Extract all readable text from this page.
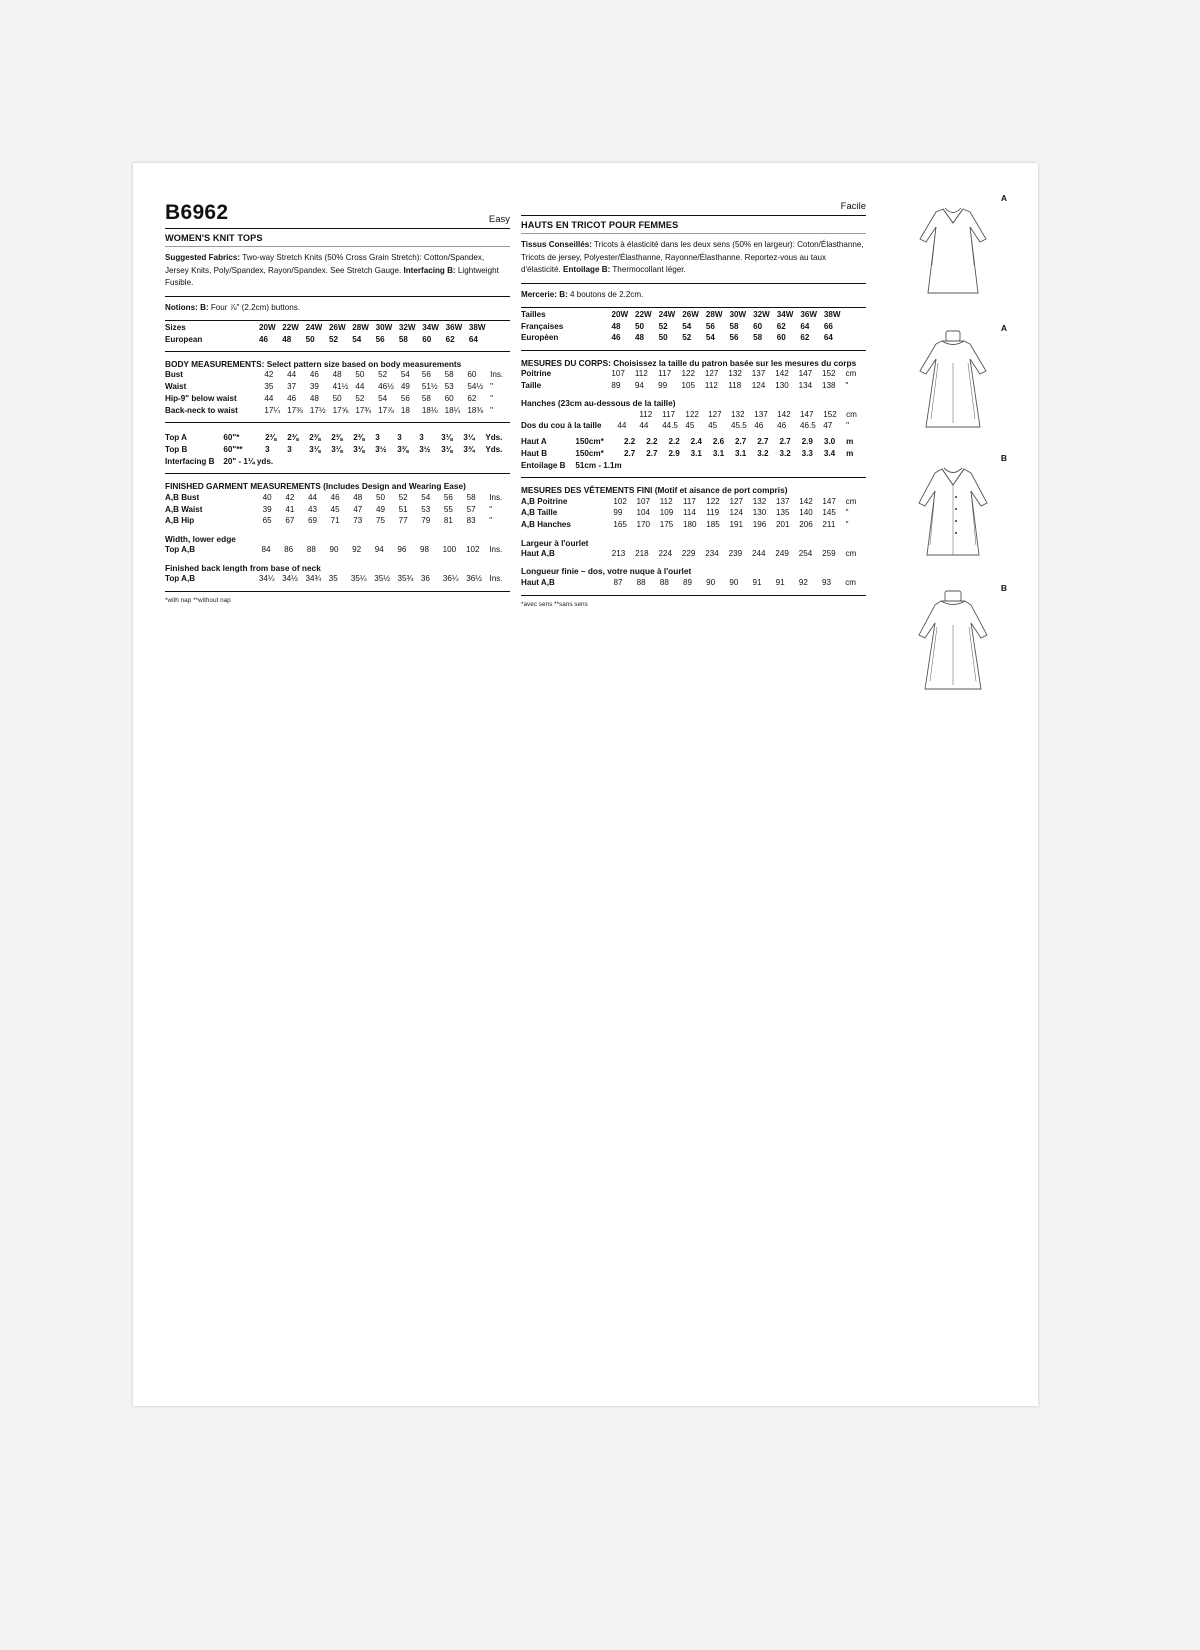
B6962	Easy
WOMEN'S KNIT TOPS
Suggested Fabrics: Two-way Stretch Knits (50% Cross Grain Stretch): Cotton/Spandex, Jersey Knits, Poly/Spandex, Rayon/Spandex. See Stretch Gauge. Interfacing B: Lightweight Fusible.
Notions: B: Four ⅞" (2.2cm) buttons.
Sizes	20W	22W	24W	26W	28W	30W	32W	34W	36W	38W	
European	46	48	50	52	54	56	58	60	62	64	
BODY MEASUREMENTS: Select pattern size based on body measurements
Bust	42	44	46	48	50	52	54	56	58	60	Ins.
Waist	35	37	39	41½	44	46½	49	51½	53	54½	"
Hip-9" below waist	44	46	48	50	52	54	56	58	60	62	"
Back-neck to waist	17¼	17⅜	17½	17⅝	17¾	17⅞	18	18⅛	18¼	18⅜	"
Top A	60"*	2⅜	2⅜	2⅜	2⅜	2⅜	3	3	3	3⅛	3¼	Yds.
Top B	60"**	3	3	3⅛	3⅛	3⅛	3½	3⅜	3½	3⅛	3¾	Yds.
Interfacing B	20" - 1¼ yds.											
FINISHED GARMENT MEASUREMENTS (Includes Design and Wearing Ease)
A,B Bust	40	42	44	46	48	50	52	54	56	58	Ins.
A,B Waist	39	41	43	45	47	49	51	53	55	57	"
A,B Hip	65	67	69	71	73	75	77	79	81	83	"
Width, lower edge
Top A,B	84	86	88	90	92	94	96	98	100	102	Ins.
Finished back length from base of neck
Top A,B	34¼	34½	34¾	35	35¼	35½	35¾	36	36¼	36½	Ins.
*with nap **without nap

Facile
HAUTS EN TRICOT POUR FEMMES
Tissus Conseillés: Tricots à élasticité dans les deux sens (50% en largeur): Coton/Élasthanne, Tricots de jersey, Polyester/Élasthanne, Rayonne/Élasthanne. Reportez-vous au taux d'élasticité. Entoilage B: Thermocollant léger.
Mercerie: B: 4 boutons de 2.2cm.
Tailles	20W	22W	24W	26W	28W	30W	32W	34W	36W	38W	
Françaises	48	50	52	54	56	58	60	62	64	66	
Europèen	46	48	50	52	54	56	58	60	62	64	
MESURES DU CORPS: Choisissez la taille du patron basée sur les mesures du corps
Poitrine	107	112	117	122	127	132	137	142	147	152	cm
Taille	89	94	99	105	112	118	124	130	134	138	"
Hanches (23cm au-dessous de la taille)
		112	117	122	127	132	137	142	147	152	cm
Dos du cou à la taille	44	44	44.5	45	45	45.5	46	46	46.5	47	"
Haut A	150cm*	2.2	2.2	2.2	2.4	2.6	2.7	2.7	2.7	2.9	3.0	m
Haut B	150cm*	2.7	2.7	2.9	3.1	3.1	3.1	3.2	3.2	3.3	3.4	m
Entoilage B	51cm - 1.1m											
MESURES DES VÊTEMENTS FINI (Motif et aisance de port compris)
A,B Poitrine	102	107	112	117	122	127	132	137	142	147	cm
A,B Taille	99	104	109	114	119	124	130	135	140	145	"
A,B Hanches	165	170	175	180	185	191	196	201	206	211	"
Largeur à l'ourlet
Haut A,B	213	218	224	229	234	239	244	249	254	259	cm
Longueur finie – dos, votre nuque à l'ourlet
Haut A,B	87	88	88	89	90	90	91	91	92	93	cm
*avec sens **sans sens
A
A
B
B
